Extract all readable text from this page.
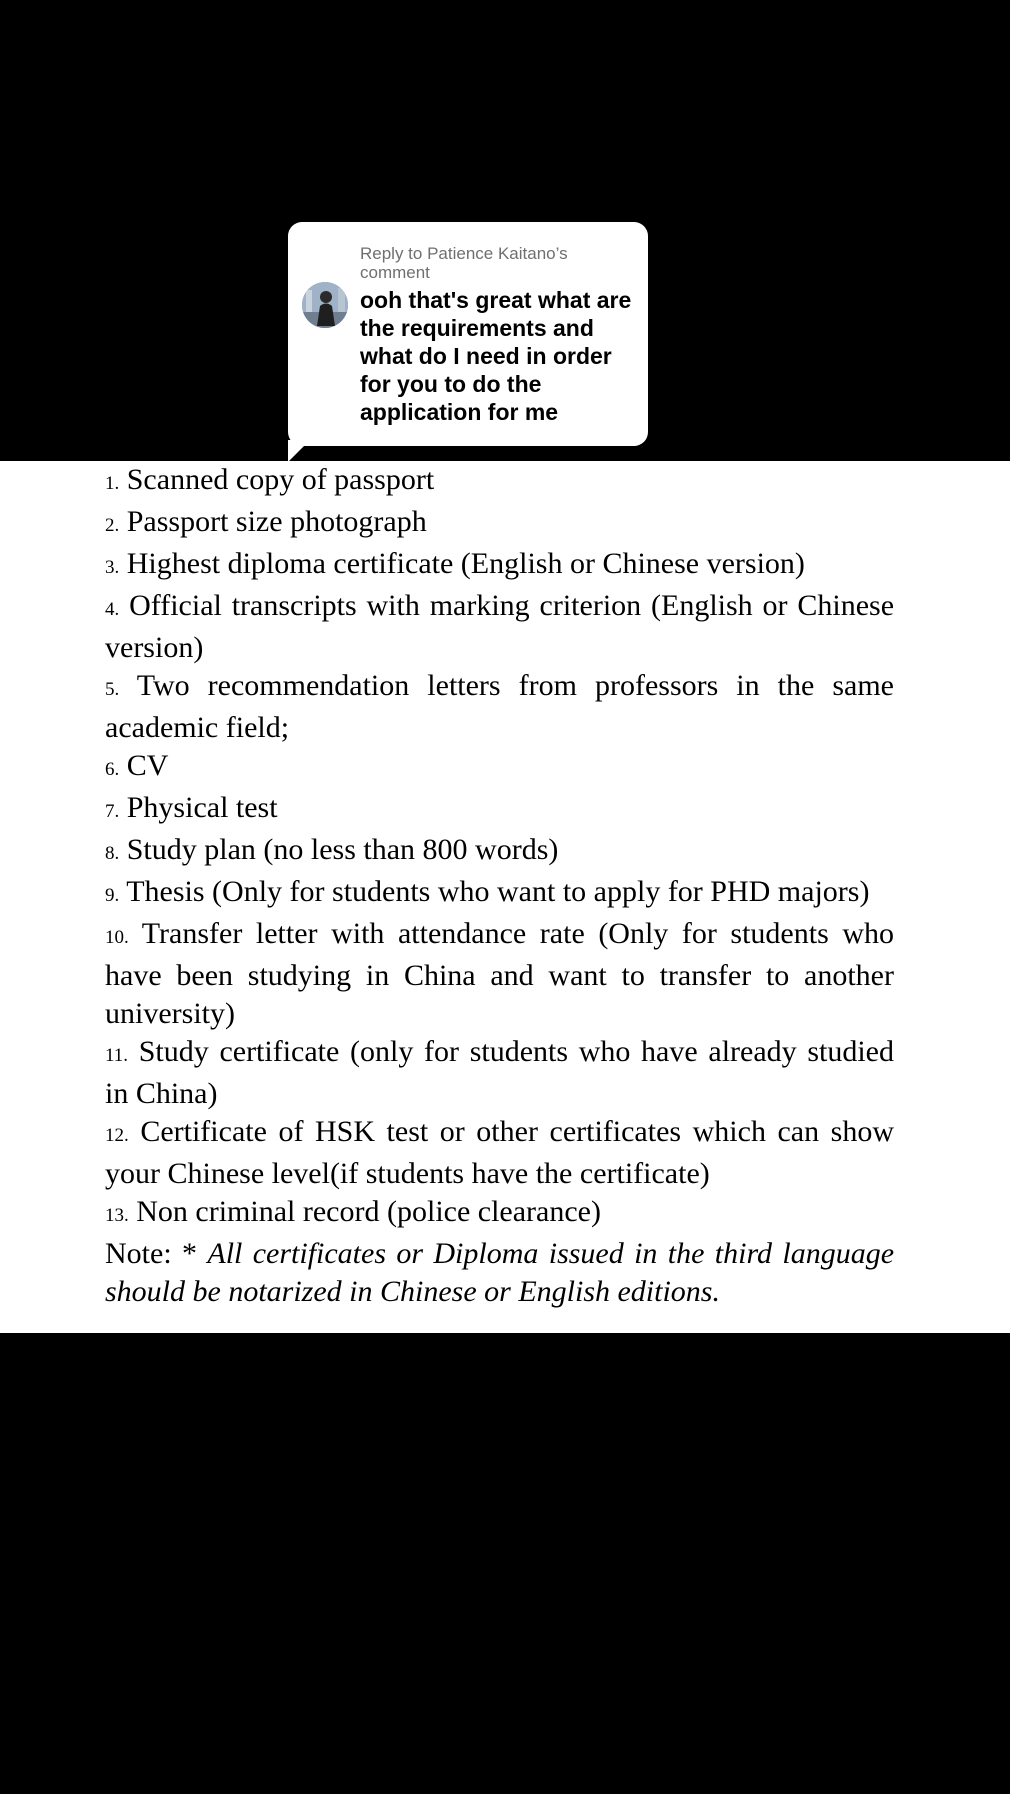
1. Scanned copy of passport

2. Passport size photograph

3. Highest diploma certificate (English or Chinese version)

4. Official transcripts with marking criterion (English or Chinese version)

5. Two recommendation letters from professors in the same academic field;

6. CV

7. Physical test

8. Study plan (no less than 800 words)

9. Thesis (Only for students who want to apply for PHD majors)

10. Transfer letter with attendance rate (Only for students who have been studying in China and want to transfer to another university)

11. Study certificate (only for students who have already studied in China)

12. Certificate of HSK test or other certificates which can show your Chinese level(if students have the certificate)

13. Non criminal record (police clearance)

Note: * All certificates or Diploma issued in the third language should be notarized in Chinese or English editions.

Reply to Patience Kaitano’s comment
ooh that's great what are the requirements and what do I need in order for you to do the application for me
